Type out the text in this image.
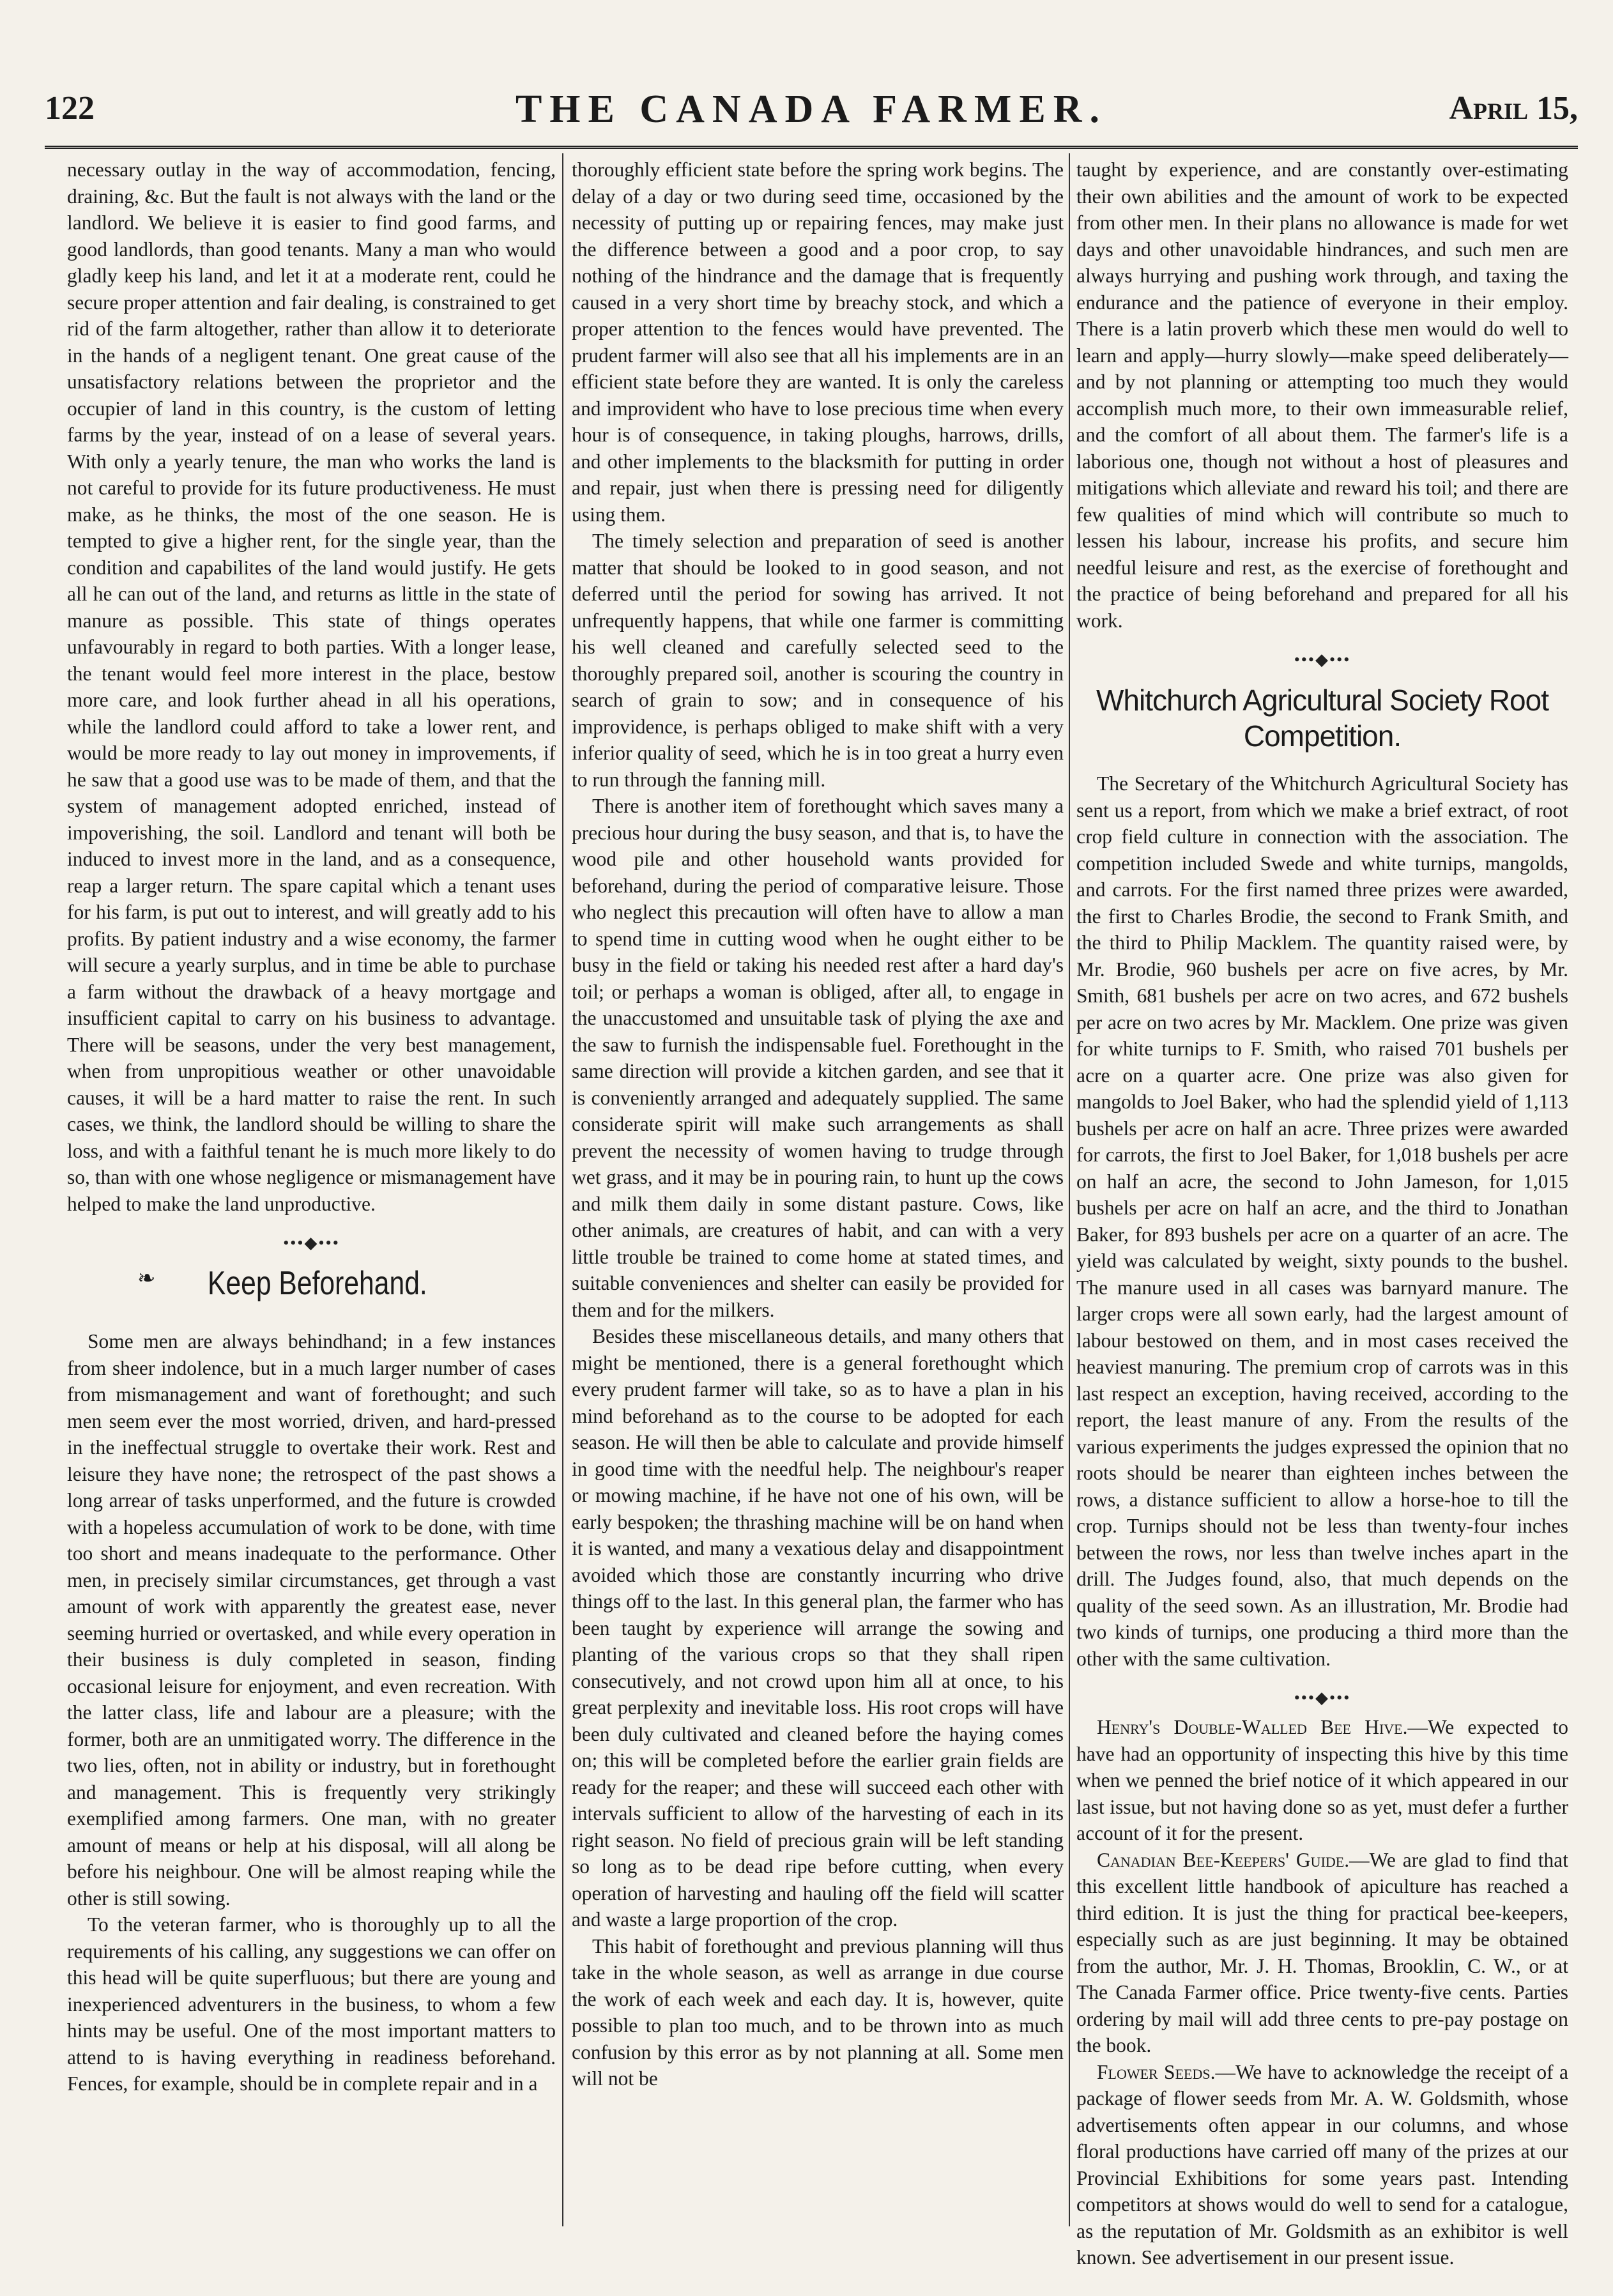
122	THE CANADA FARMER.	April 15,

necessary outlay in the way of accommodation, fencing, draining, &c. But the fault is not always with the land or the landlord. We believe it is easier to find good farms, and good landlords, than good tenants. Many a man who would gladly keep his land, and let it at a moderate rent, could he secure proper attention and fair dealing, is constrained to get rid of the farm altogether, rather than allow it to deteriorate in the hands of a negligent tenant. One great cause of the unsatisfactory relations between the proprietor and the occupier of land in this country, is the custom of letting farms by the year, instead of on a lease of several years. With only a yearly tenure, the man who works the land is not careful to provide for its future productiveness. He must make, as he thinks, the most of the one season. He is tempted to give a higher rent, for the single year, than the condition and capabilites of the land would justify. He gets all he can out of the land, and returns as little in the state of manure as possible. This state of things operates unfavourably in regard to both parties. With a longer lease, the tenant would feel more interest in the place, bestow more care, and look further ahead in all his operations, while the landlord could afford to take a lower rent, and would be more ready to lay out money in improvements, if he saw that a good use was to be made of them, and that the system of management adopted enriched, instead of impoverishing, the soil. Landlord and tenant will both be induced to invest more in the land, and as a consequence, reap a larger return. The spare capital which a tenant uses for his farm, is put out to interest, and will greatly add to his profits. By patient industry and a wise economy, the farmer will secure a yearly surplus, and in time be able to purchase a farm without the drawback of a heavy mortgage and insufficient capital to carry on his business to advantage. There will be seasons, under the very best management, when from unpropitious weather or other unavoidable causes, it will be a hard matter to raise the rent. In such cases, we think, the landlord should be willing to share the loss, and with a faithful tenant he is much more likely to do so, than with one whose negligence or mismanagement have helped to make the land unproductive.

•••◆•••
❧ Keep Beforehand.

Some men are always behindhand; in a few instances from sheer indolence, but in a much larger number of cases from mismanagement and want of forethought; and such men seem ever the most worried, driven, and hard-pressed in the ineffectual struggle to overtake their work. Rest and leisure they have none; the retrospect of the past shows a long arrear of tasks unperformed, and the future is crowded with a hopeless accumulation of work to be done, with time too short and means inadequate to the performance. Other men, in precisely similar circumstances, get through a vast amount of work with apparently the greatest ease, never seeming hurried or overtasked, and while every operation in their business is duly completed in season, finding occasional leisure for enjoyment, and even recreation. With the latter class, life and labour are a pleasure; with the former, both are an unmitigated worry. The difference in the two lies, often, not in ability or industry, but in forethought and management. This is frequently very strikingly exemplified among farmers. One man, with no greater amount of means or help at his disposal, will all along be before his neighbour. One will be almost reaping while the other is still sowing.

To the veteran farmer, who is thoroughly up to all the requirements of his calling, any suggestions we can offer on this head will be quite superfluous; but there are young and inexperienced adventurers in the business, to whom a few hints may be useful. One of the most important matters to attend to is having everything in readiness beforehand. Fences, for example, should be in complete repair and in a

thoroughly efficient state before the spring work begins. The delay of a day or two during seed time, occasioned by the necessity of putting up or repairing fences, may make just the difference between a good and a poor crop, to say nothing of the hindrance and the damage that is frequently caused in a very short time by breachy stock, and which a proper attention to the fences would have prevented. The prudent farmer will also see that all his implements are in an efficient state before they are wanted. It is only the careless and improvident who have to lose precious time when every hour is of consequence, in taking ploughs, harrows, drills, and other implements to the blacksmith for putting in order and repair, just when there is pressing need for diligently using them.

The timely selection and preparation of seed is another matter that should be looked to in good season, and not deferred until the period for sowing has arrived. It not unfrequently happens, that while one farmer is committing his well cleaned and carefully selected seed to the thoroughly prepared soil, another is scouring the country in search of grain to sow; and in consequence of his improvidence, is perhaps obliged to make shift with a very inferior quality of seed, which he is in too great a hurry even to run through the fanning mill.

There is another item of forethought which saves many a precious hour during the busy season, and that is, to have the wood pile and other household wants provided for beforehand, during the period of comparative leisure. Those who neglect this precaution will often have to allow a man to spend time in cutting wood when he ought either to be busy in the field or taking his needed rest after a hard day's toil; or perhaps a woman is obliged, after all, to engage in the unaccustomed and unsuitable task of plying the axe and the saw to furnish the indispensable fuel. Forethought in the same direction will provide a kitchen garden, and see that it is conveniently arranged and adequately supplied. The same considerate spirit will make such arrangements as shall prevent the necessity of women having to trudge through wet grass, and it may be in pouring rain, to hunt up the cows and milk them daily in some distant pasture. Cows, like other animals, are creatures of habit, and can with a very little trouble be trained to come home at stated times, and suitable conveniences and shelter can easily be provided for them and for the milkers.

Besides these miscellaneous details, and many others that might be mentioned, there is a general forethought which every prudent farmer will take, so as to have a plan in his mind beforehand as to the course to be adopted for each season. He will then be able to calculate and provide himself in good time with the needful help. The neighbour's reaper or mowing machine, if he have not one of his own, will be early bespoken; the thrashing machine will be on hand when it is wanted, and many a vexatious delay and disappointment avoided which those are constantly incurring who drive things off to the last. In this general plan, the farmer who has been taught by experience will arrange the sowing and planting of the various crops so that they shall ripen consecutively, and not crowd upon him all at once, to his great perplexity and inevitable loss. His root crops will have been duly cultivated and cleaned before the haying comes on; this will be completed before the earlier grain fields are ready for the reaper; and these will succeed each other with intervals sufficient to allow of the harvesting of each in its right season. No field of precious grain will be left standing so long as to be dead ripe before cutting, when every operation of harvesting and hauling off the field will scatter and waste a large proportion of the crop.

This habit of forethought and previous planning will thus take in the whole season, as well as arrange in due course the work of each week and each day. It is, however, quite possible to plan too much, and to be thrown into as much confusion by this error as by not planning at all. Some men will not be

taught by experience, and are constantly over-estimating their own abilities and the amount of work to be expected from other men. In their plans no allowance is made for wet days and other unavoidable hindrances, and such men are always hurrying and pushing work through, and taxing the endurance and the patience of everyone in their employ. There is a latin proverb which these men would do well to learn and apply—hurry slowly—make speed deliberately—and by not planning or attempting too much they would accomplish much more, to their own immeasurable relief, and the comfort of all about them. The farmer's life is a laborious one, though not without a host of pleasures and mitigations which alleviate and reward his toil; and there are few qualities of mind which will contribute so much to lessen his labour, increase his profits, and secure him needful leisure and rest, as the exercise of forethought and the practice of being beforehand and prepared for all his work.

•••◆•••
Whitchurch Agricultural Society Root Competition.

The Secretary of the Whitchurch Agricultural Society has sent us a report, from which we make a brief extract, of root crop field culture in connection with the association. The competition included Swede and white turnips, mangolds, and carrots. For the first named three prizes were awarded, the first to Charles Brodie, the second to Frank Smith, and the third to Philip Macklem. The quantity raised were, by Mr. Brodie, 960 bushels per acre on five acres, by Mr. Smith, 681 bushels per acre on two acres, and 672 bushels per acre on two acres by Mr. Macklem. One prize was given for white turnips to F. Smith, who raised 701 bushels per acre on a quarter acre. One prize was also given for mangolds to Joel Baker, who had the splendid yield of 1,113 bushels per acre on half an acre. Three prizes were awarded for carrots, the first to Joel Baker, for 1,018 bushels per acre on half an acre, the second to John Jameson, for 1,015 bushels per acre on half an acre, and the third to Jonathan Baker, for 893 bushels per acre on a quarter of an acre. The yield was calculated by weight, sixty pounds to the bushel. The manure used in all cases was barnyard manure. The larger crops were all sown early, had the largest amount of labour bestowed on them, and in most cases received the heaviest manuring. The premium crop of carrots was in this last respect an exception, having received, according to the report, the least manure of any. From the results of the various experiments the judges expressed the opinion that no roots should be nearer than eighteen inches between the rows, a distance sufficient to allow a horse-hoe to till the crop. Turnips should not be less than twenty-four inches between the rows, nor less than twelve inches apart in the drill. The Judges found, also, that much depends on the quality of the seed sown. As an illustration, Mr. Brodie had two kinds of turnips, one producing a third more than the other with the same cultivation.

•••◆•••

Henry's Double-Walled Bee Hive.—We expected to have had an opportunity of inspecting this hive by this time when we penned the brief notice of it which appeared in our last issue, but not having done so as yet, must defer a further account of it for the present.

Canadian Bee-Keepers' Guide.—We are glad to find that this excellent little handbook of apiculture has reached a third edition. It is just the thing for practical bee-keepers, especially such as are just beginning. It may be obtained from the author, Mr. J. H. Thomas, Brooklin, C. W., or at The Canada Farmer office. Price twenty-five cents. Parties ordering by mail will add three cents to pre-pay postage on the book.

Flower Seeds.—We have to acknowledge the receipt of a package of flower seeds from Mr. A. W. Goldsmith, whose advertisements often appear in our columns, and whose floral productions have carried off many of the prizes at our Provincial Exhibitions for some years past. Intending competitors at shows would do well to send for a catalogue, as the reputation of Mr. Goldsmith as an exhibitor is well known. See advertisement in our present issue.
